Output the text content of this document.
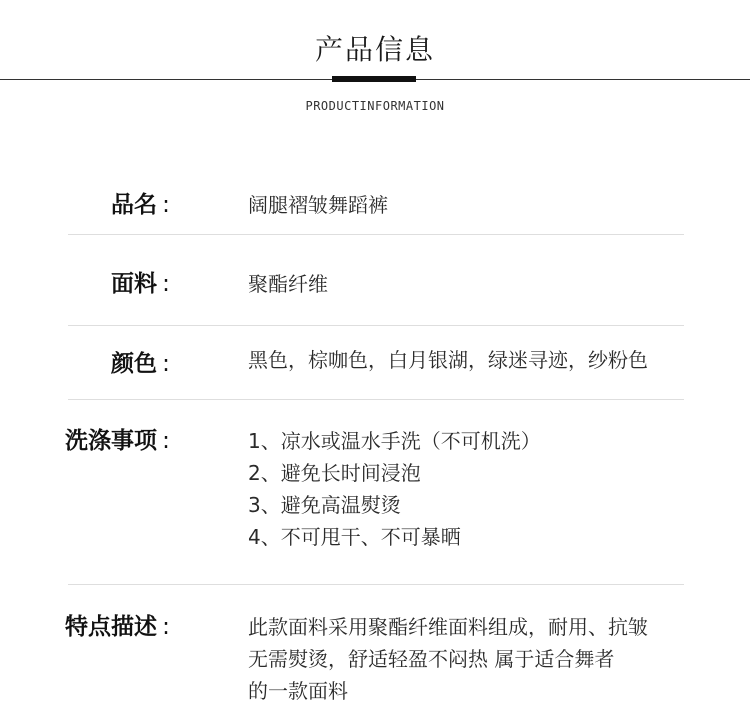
产品信息
PRODUCTINFORMATION
品名 :	阔腿褶皱舞蹈裤
面料 :	聚酯纤维
颜色 :	黑色，棕咖色，白月银湖，绿迷寻迹，纱粉色
洗涤事项 :	1、凉水或温水手洗（不可机洗）
2、避免长时间浸泡
3、避免高温熨烫
4、不可甩干、不可暴晒
特点描述 :	此款面料采用聚酯纤维面料组成，耐用、抗皱
无需熨烫，舒适轻盈不闷热 属于适合舞者
的一款面料
